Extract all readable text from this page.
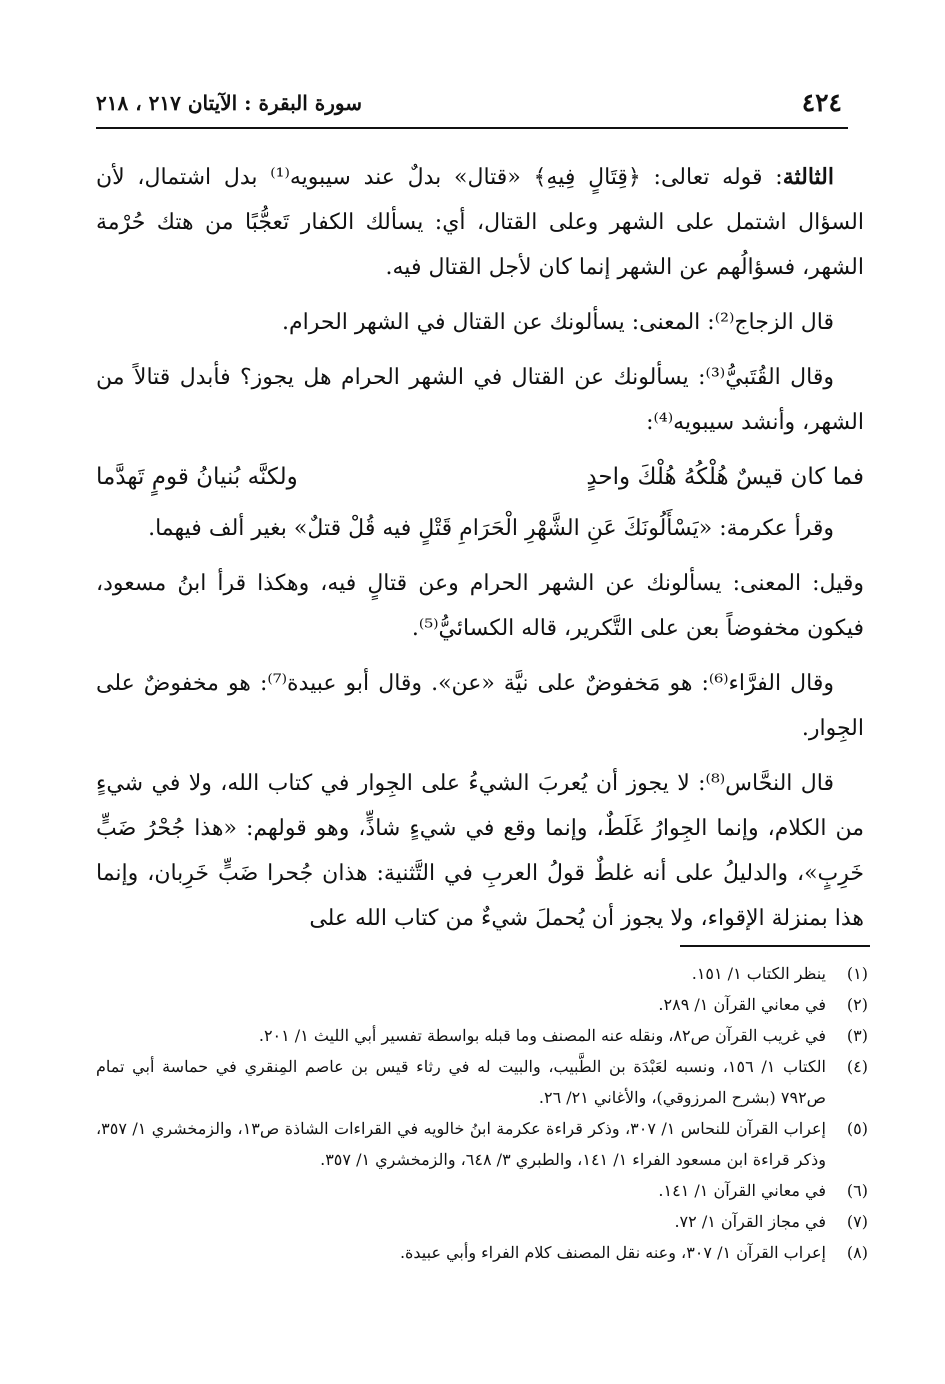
٤٢٤
سورة البقرة : الآيتان ٢١٧ ، ٢١٨

الثالثة: قوله تعالى: ﴿قِتَالٍ فِيهِ﴾ «قتال» بدلٌ عند سيبويه⁽¹⁾ بدل اشتمال، لأن السؤال اشتمل على الشهر وعلى القتال، أي: يسألك الكفار تَعجُّبًا من هتك حُرْمة الشهر، فسؤالُهم عن الشهر إنما كان لأجل القتال فيه.

قال الزجاج⁽²⁾: المعنى: يسألونك عن القتال في الشهر الحرام.

وقال القُتَبيُّ⁽³⁾: يسألونك عن القتال في الشهر الحرام هل يجوز؟ فأبدل قتالاً من الشهر، وأنشد سيبويه⁽⁴⁾:

فما كان قيسٌ هُلْكُهُ هُلْكَ واحدٍ
ولكنَّه بُنيانُ قومٍ تَهدَّما

وقرأ عكرمة: «يَسْأَلُونَكَ عَنِ الشَّهْرِ الْحَرَامِ قَتْلٍ فيه قُلْ قتلٌ» بغير ألف فيهما.

وقيل: المعنى: يسألونك عن الشهر الحرام وعن قتالٍ فيه، وهكذا قرأ ابنُ مسعود، فيكون مخفوضاً بعن على التَّكرير، قاله الكسائيُّ⁽⁵⁾.

وقال الفرَّاء⁽⁶⁾: هو مَخفوضٌ على نيَّة «عن». وقال أبو عبيدة⁽⁷⁾: هو مخفوضٌ على الجِوار.

قال النحَّاس⁽⁸⁾: لا يجوز أن يُعربَ الشيءُ على الجِوار في كتاب الله، ولا في شيءٍ من الكلام، وإنما الجِوارُ غَلَطٌ، وإنما وقع في شيءٍ شاذٍّ، وهو قولهم: «هذا جُحْرُ ضَبٍّ خَرِبٍ»، والدليلُ على أنه غلطٌ قولُ العربِ في التَّثنية: هذان جُحرا ضَبٍّ خَرِبان، وإنما هذا بمنزلة الإقواء، ولا يجوز أن يُحملَ شيءٌ من كتاب الله على

(١)
ينظر الكتاب ١/ ١٥١.
(٢)
في معاني القرآن ١/ ٢٨٩.
(٣)
في غريب القرآن ص٨٢، ونقله عنه المصنف وما قبله بواسطة تفسير أبي الليث ١/ ٢٠١.
(٤)
الكتاب ١/ ١٥٦، ونسبه لعَبْدَة بن الطَّبيب، والبيت له في رثاء قيس بن عاصم المِنقري في حماسة أبي تمام ص٧٩٢ (بشرح المرزوقي)، والأغاني ٢١/ ٢٦.
(٥)
إعراب القرآن للنحاس ١/ ٣٠٧، وذكر قراءة عكرمة ابنُ خالويه في القراءات الشاذة ص١٣، والزمخشري ١/ ٣٥٧، وذكر قراءة ابن مسعود الفراء ١/ ١٤١، والطبري ٣/ ٦٤٨، والزمخشري ١/ ٣٥٧.
(٦)
في معاني القرآن ١/ ١٤١.
(٧)
في مجاز القرآن ١/ ٧٢.
(٨)
إعراب القرآن ١/ ٣٠٧، وعنه نقل المصنف كلام الفراء وأبي عبيدة.
